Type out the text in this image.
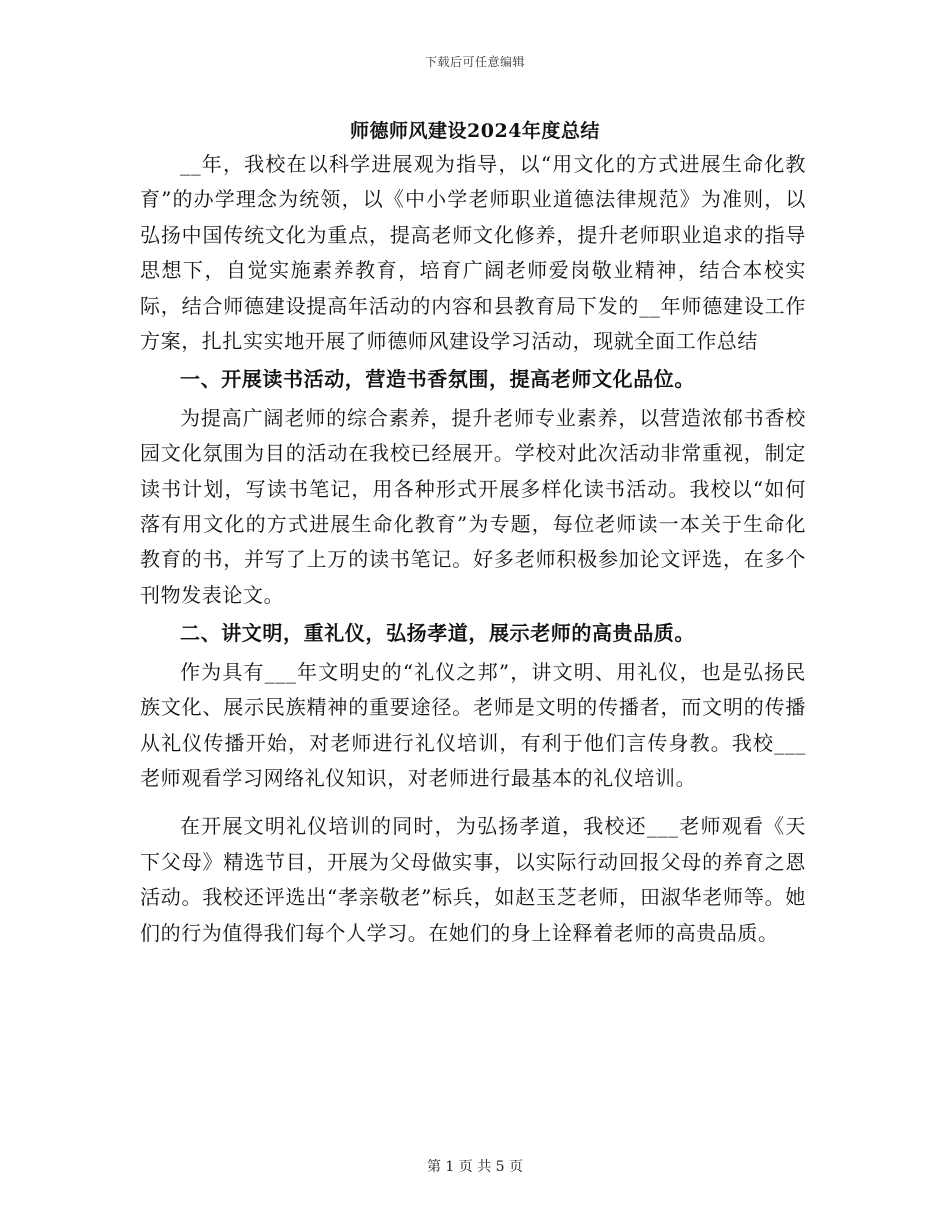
下载后可任意编辑
师德师风建设2024年度总结

__年，我校在以科学进展观为指导，以“用文化的方式进展生命化教育”的办学理念为统领，以《中小学老师职业道德法律规范》为准则，以弘扬中国传统文化为重点，提高老师文化修养，提升老师职业追求的指导思想下，自觉实施素养教育，培育广阔老师爱岗敬业精神，结合本校实际，结合师德建设提高年活动的内容和县教育局下发的__年师德建设工作方案，扎扎实实地开展了师德师风建设学习活动，现就全面工作总结

一、开展读书活动，营造书香氛围，提高老师文化品位。

为提高广阔老师的综合素养，提升老师专业素养，以营造浓郁书香校园文化氛围为目的活动在我校已经展开。学校对此次活动非常重视，制定读书计划，写读书笔记，用各种形式开展多样化读书活动。我校以“如何落有用文化的方式进展生命化教育”为专题，每位老师读一本关于生命化教育的书，并写了上万的读书笔记。好多老师积极参加论文评选，在多个刊物发表论文。

二、讲文明，重礼仪，弘扬孝道，展示老师的高贵品质。

作为具有___年文明史的“礼仪之邦”，讲文明、用礼仪，也是弘扬民族文化、展示民族精神的重要途径。老师是文明的传播者，而文明的传播从礼仪传播开始，对老师进行礼仪培训，有利于他们言传身教。我校___老师观看学习网络礼仪知识，对老师进行最基本的礼仪培训。

在开展文明礼仪培训的同时，为弘扬孝道，我校还___老师观看《天下父母》精选节目，开展为父母做实事，以实际行动回报父母的养育之恩活动。我校还评选出“孝亲敬老”标兵，如赵玉芝老师，田淑华老师等。她们的行为值得我们每个人学习。在她们的身上诠释着老师的高贵品质。

第 1 页 共 5 页
